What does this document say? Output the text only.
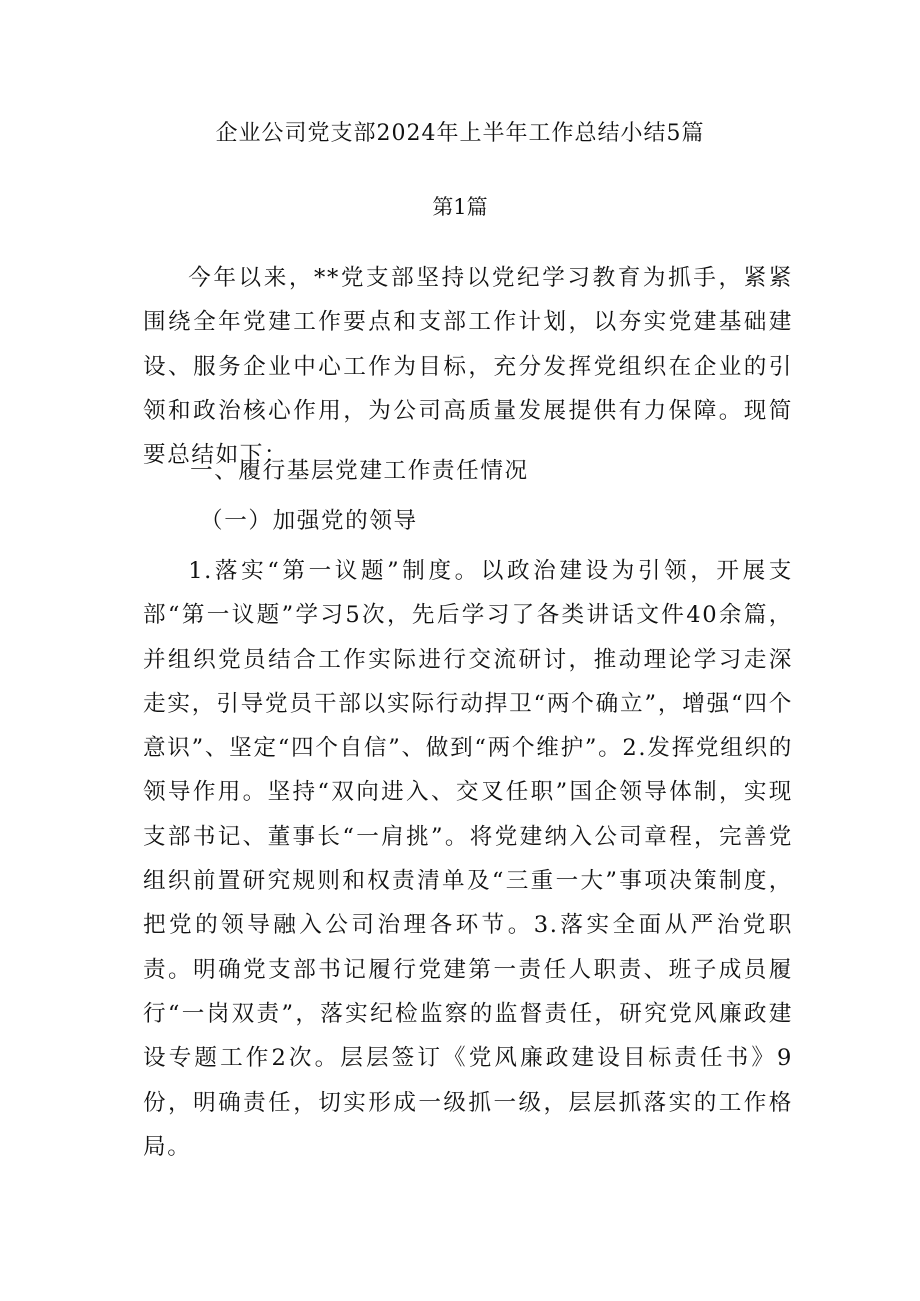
企业公司党支部2024年上半年工作总结小结5篇
第1篇

今年以来，**党支部坚持以党纪学习教育为抓手，紧紧围绕全年党建工作要点和支部工作计划，以夯实党建基础建设、服务企业中心工作为目标，充分发挥党组织在企业的引领和政治核心作用，为公司高质量发展提供有力保障。现简要总结如下：

一、履行基层党建工作责任情况
（一）加强党的领导

1.落实“第一议题”制度。以政治建设为引领，开展支部“第一议题”学习5次，先后学习了各类讲话文件40余篇，并组织党员结合工作实际进行交流研讨，推动理论学习走深走实，引导党员干部以实际行动捍卫“两个确立”，增强“四个意识”、坚定“四个自信”、做到“两个维护”。2.发挥党组织的领导作用。坚持“双向进入、交叉任职”国企领导体制，实现支部书记、董事长“一肩挑”。将党建纳入公司章程，完善党组织前置研究规则和权责清单及“三重一大”事项决策制度，把党的领导融入公司治理各环节。3.落实全面从严治党职责。明确党支部书记履行党建第一责任人职责、班子成员履行“一岗双责”，落实纪检监察的监督责任，研究党风廉政建设专题工作2次。层层签订《党风廉政建设目标责任书》9份，明确责任，切实形成一级抓一级，层层抓落实的工作格局。
